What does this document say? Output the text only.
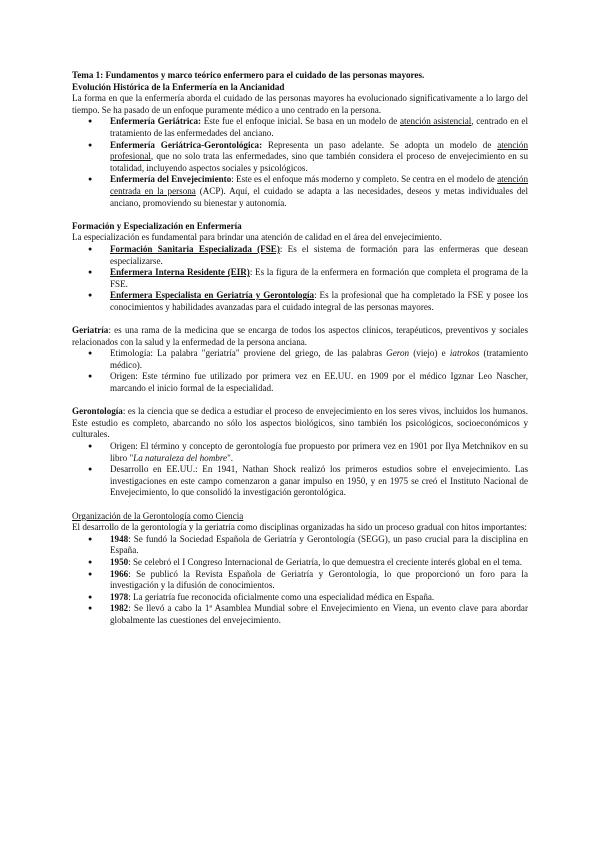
Tema 1: Fundamentos y marco teórico enfermero para el cuidado de las personas mayores.

Evolución Histórica de la Enfermería en la Ancianidad

La forma en que la enfermería aborda el cuidado de las personas mayores ha evolucionado significativamente a lo largo del tiempo. Se ha pasado de un enfoque puramente médico a uno centrado en la persona.

● Enfermería Geriátrica: Este fue el enfoque inicial. Se basa en un modelo de atención asistencial, centrado en el tratamiento de las enfermedades del anciano.
● Enfermería Geriátrica-Gerontológica: Representa un paso adelante. Se adopta un modelo de atención profesional, que no solo trata las enfermedades, sino que también considera el proceso de envejecimiento en su totalidad, incluyendo aspectos sociales y psicológicos.
● Enfermería del Envejecimiento: Este es el enfoque más moderno y completo. Se centra en el modelo de atención centrada en la persona (ACP). Aquí, el cuidado se adapta a las necesidades, deseos y metas individuales del anciano, promoviendo su bienestar y autonomía.

Formación y Especialización en Enfermería

La especialización es fundamental para brindar una atención de calidad en el área del envejecimiento.

● Formación Sanitaria Especializada (FSE): Es el sistema de formación para las enfermeras que desean especializarse.
● Enfermera Interna Residente (EIR): Es la figura de la enfermera en formación que completa el programa de la FSE.
● Enfermera Especialista en Geriatría y Gerontología: Es la profesional que ha completado la FSE y posee los conocimientos y habilidades avanzadas para el cuidado integral de las personas mayores.

Geriatría: es una rama de la medicina que se encarga de todos los aspectos clínicos, terapéuticos, preventivos y sociales relacionados con la salud y la enfermedad de la persona anciana.

● Etimología: La palabra "geriatría" proviene del griego, de las palabras Geron (viejo) e iatrokos (tratamiento médico).
● Origen: Este término fue utilizado por primera vez en EE.UU. en 1909 por el médico Igznar Leo Nascher, marcando el inicio formal de la especialidad.

Gerontología: es la ciencia que se dedica a estudiar el proceso de envejecimiento en los seres vivos, incluidos los humanos. Este estudio es completo, abarcando no sólo los aspectos biológicos, sino también los psicológicos, socioeconómicos y culturales.

● Origen: El término y concepto de gerontología fue propuesto por primera vez en 1901 por Ilya Metchnikov en su libro "La naturaleza del hombre".
● Desarrollo en EE.UU.: En 1941, Nathan Shock realizó los primeros estudios sobre el envejecimiento. Las investigaciones en este campo comenzaron a ganar impulso en 1950, y en 1975 se creó el Instituto Nacional de Envejecimiento, lo que consolidó la investigación gerontológica.

Organización de la Gerontología como Ciencia

El desarrollo de la gerontología y la geriatría como disciplinas organizadas ha sido un proceso gradual con hitos importantes:

● 1948: Se fundó la Sociedad Española de Geriatría y Gerontología (SEGG), un paso crucial para la disciplina en España.
● 1950: Se celebró el I Congreso Internacional de Geriatría, lo que demuestra el creciente interés global en el tema.
● 1966: Se publicó la Revista Española de Geriatría y Gerontología, lo que proporcionó un foro para la investigación y la difusión de conocimientos.
● 1978: La geriatría fue reconocida oficialmente como una especialidad médica en España.
● 1982: Se llevó a cabo la 1ª Asamblea Mundial sobre el Envejecimiento en Viena, un evento clave para abordar globalmente las cuestiones del envejecimiento.
